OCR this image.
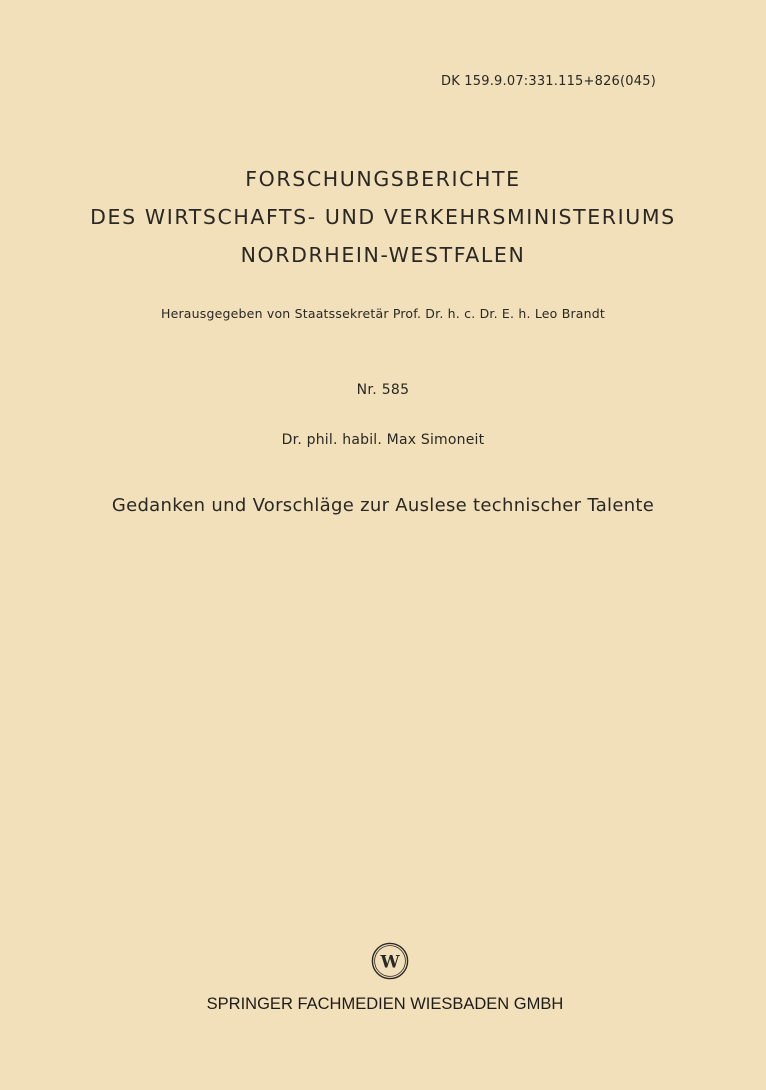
DK 159.9.07:331.115+826(045)
FORSCHUNGSBERICHTE
DES WIRTSCHAFTS- UND VERKEHRSMINISTERIUMS
NORDRHEIN-WESTFALEN
Herausgegeben von Staatssekretär Prof. Dr. h. c. Dr. E. h. Leo Brandt
Nr. 585
Dr. phil. habil. Max Simoneit
Gedanken und Vorschläge zur Auslese technischer Talente
W
SPRINGER FACHMEDIEN WIESBADEN GMBH
